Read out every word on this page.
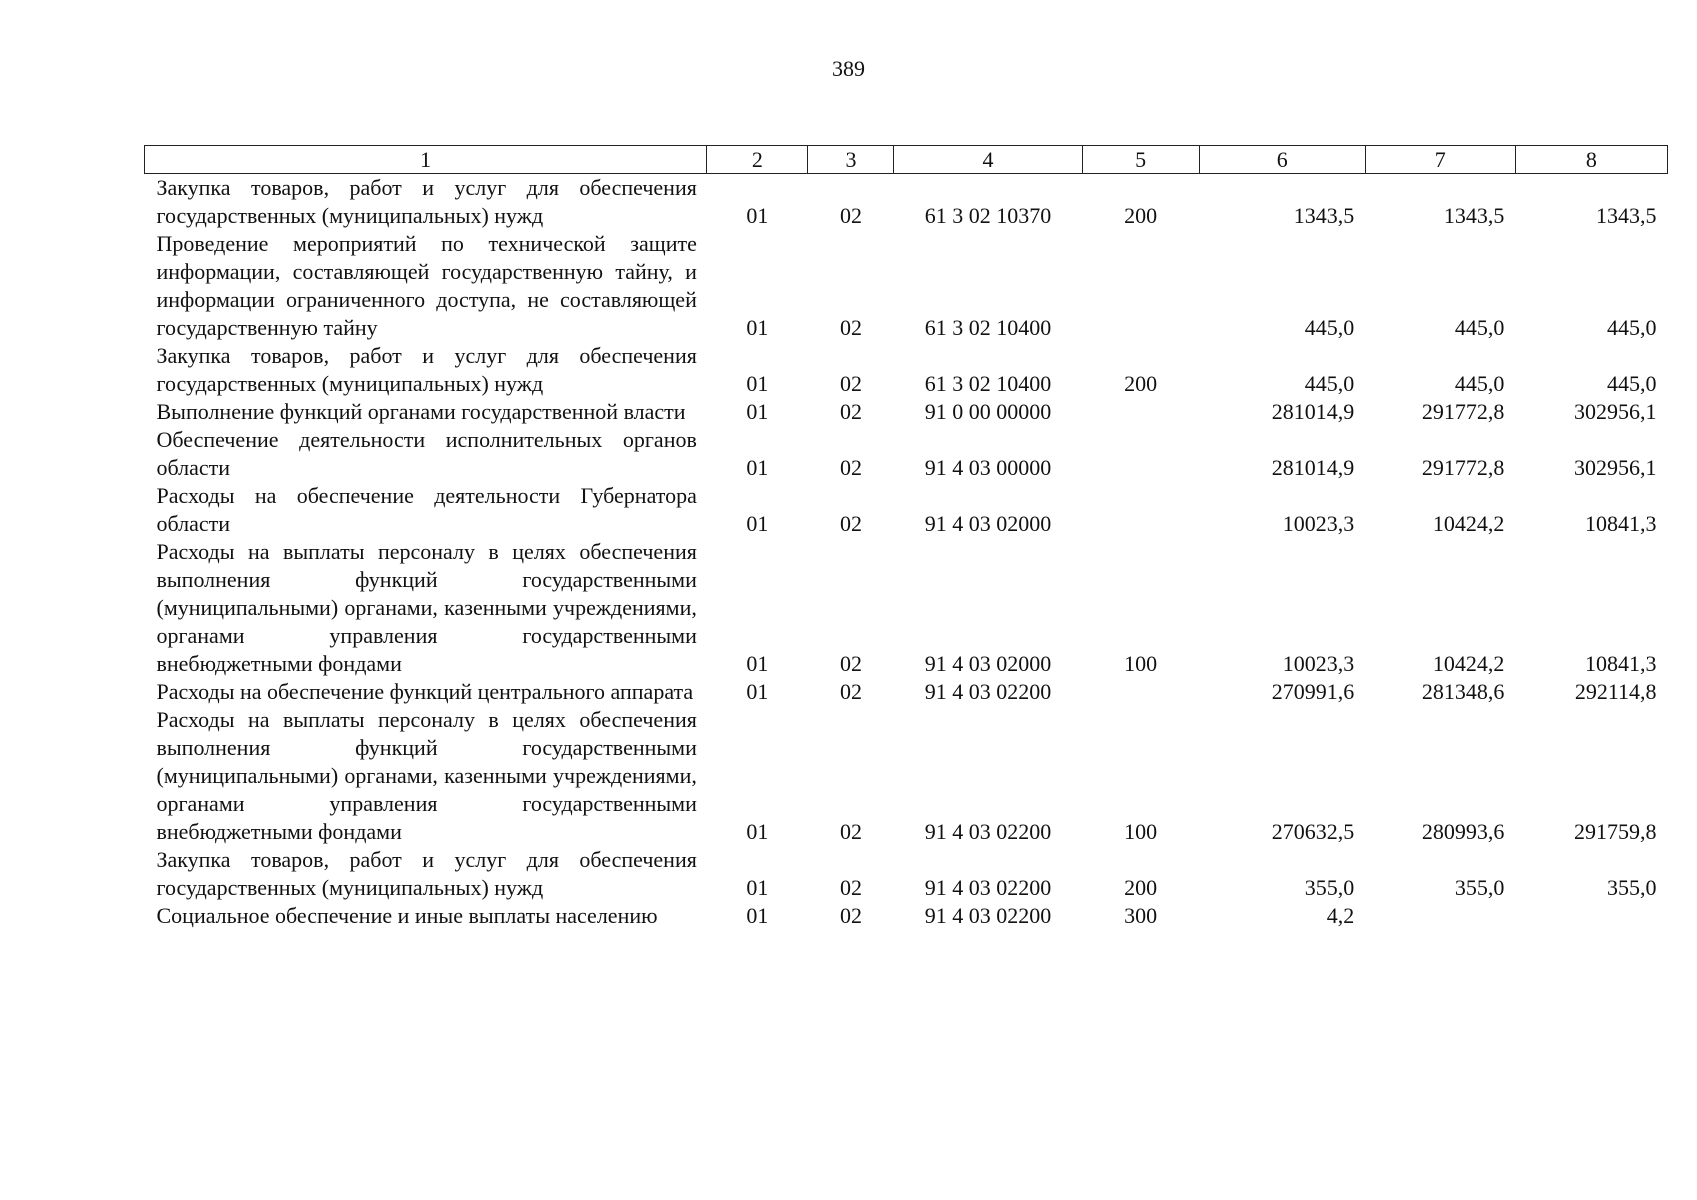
389
1	2	3	4	5	6	7	8
Закупка товаров, работ и услуг для обеспечения государственных (муниципальных) нужд	01	02	61 3 02 10370	200	1343,5	1343,5	1343,5
Проведение мероприятий по технической защите информации, составляющей государственную тайну, и информации ограниченного доступа, не составляющей государственную тайну	01	02	61 3 02 10400		445,0	445,0	445,0
Закупка товаров, работ и услуг для обеспечения государственных (муниципальных) нужд	01	02	61 3 02 10400	200	445,0	445,0	445,0
Выполнение функций органами государственной власти	01	02	91 0 00 00000		281014,9	291772,8	302956,1
Обеспечение деятельности исполнительных органов области	01	02	91 4 03 00000		281014,9	291772,8	302956,1
Расходы на обеспечение деятельности Губернатора области	01	02	91 4 03 02000		10023,3	10424,2	10841,3
Расходы на выплаты персоналу в целях обеспечения выполнения функций государственными (муниципальными) органами, казенными учреждениями, органами управления государственными внебюджетными фондами	01	02	91 4 03 02000	100	10023,3	10424,2	10841,3
Расходы на обеспечение функций центрального аппарата	01	02	91 4 03 02200		270991,6	281348,6	292114,8
Расходы на выплаты персоналу в целях обеспечения выполнения функций государственными (муниципальными) органами, казенными учреждениями, органами управления государственными внебюджетными фондами	01	02	91 4 03 02200	100	270632,5	280993,6	291759,8
Закупка товаров, работ и услуг для обеспечения государственных (муниципальных) нужд	01	02	91 4 03 02200	200	355,0	355,0	355,0
Социальное обеспечение и иные выплаты населению	01	02	91 4 03 02200	300	4,2		
